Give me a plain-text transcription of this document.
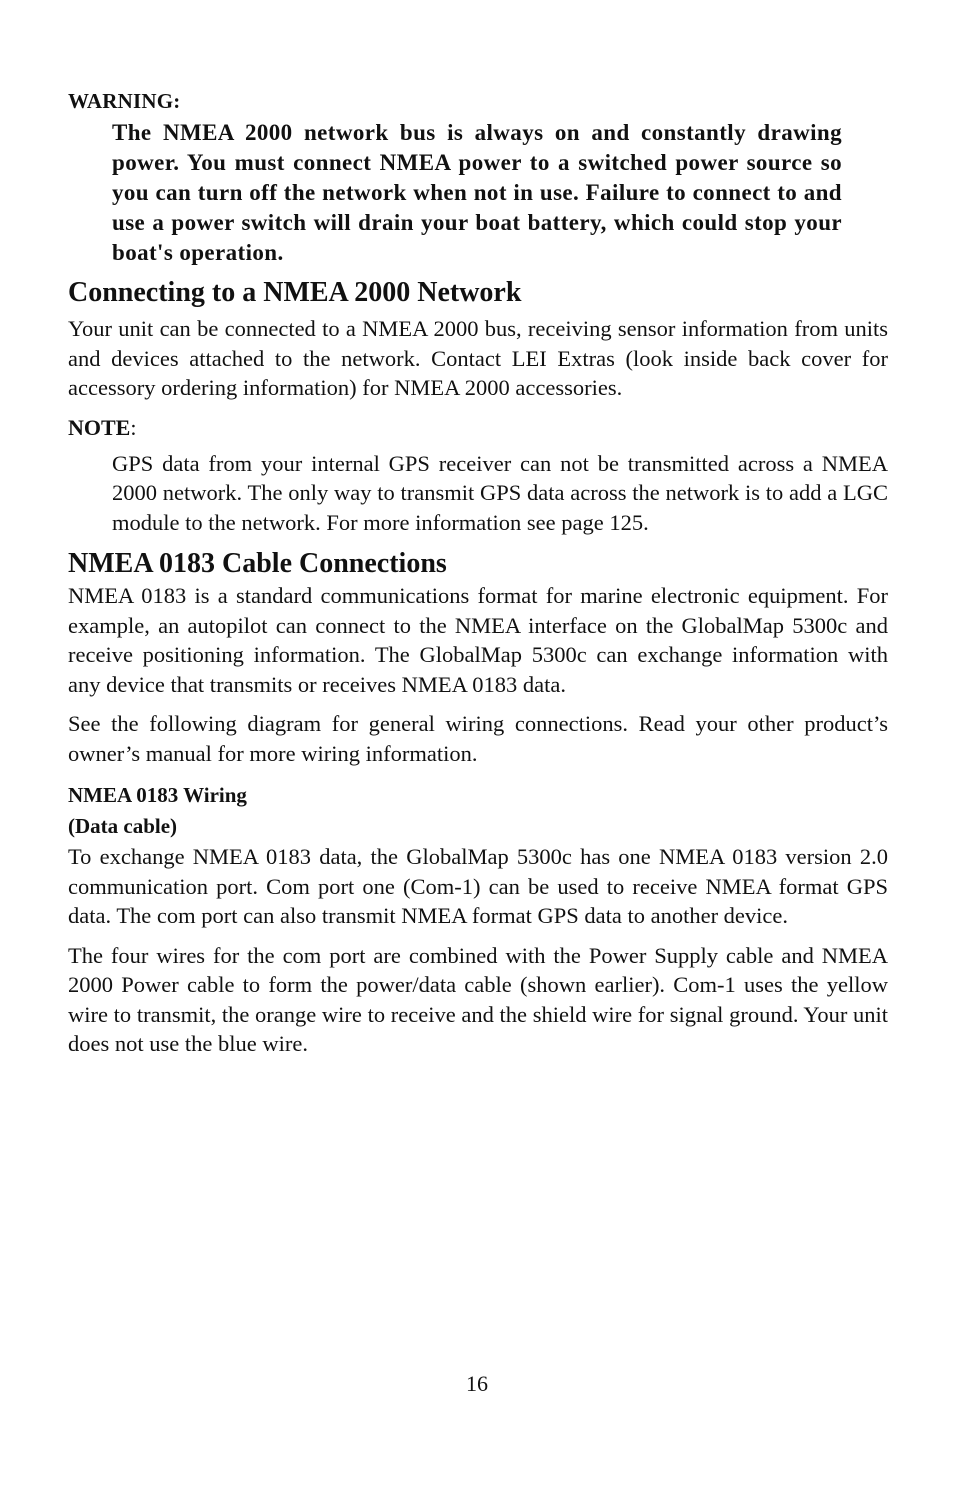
WARNING:
The NMEA 2000 network bus is always on and constantly drawing power. You must connect NMEA power to a switched power source so you can turn off the network when not in use. Failure to connect to and use a power switch will drain your boat battery, which could stop your boat's operation.
Connecting to a NMEA 2000 Network

Your unit can be connected to a NMEA 2000 bus, receiving sensor information from units and devices attached to the network. Contact LEI Extras (look inside back cover for accessory ordering information) for NMEA 2000 accessories.

NOTE:
GPS data from your internal GPS receiver can not be transmitted across a NMEA 2000 network. The only way to transmit GPS data across the network is to add a LGC module to the network. For more information see page 125.
NMEA 0183 Cable Connections

NMEA 0183 is a standard communications format for marine electronic equipment. For example, an autopilot can connect to the NMEA interface on the GlobalMap 5300c and receive positioning information. The GlobalMap 5300c can exchange information with any device that transmits or receives NMEA 0183 data.

See the following diagram for general wiring connections. Read your other product’s owner’s manual for more wiring information.

NMEA 0183 Wiring
(Data cable)

To exchange NMEA 0183 data, the GlobalMap 5300c has one NMEA 0183 version 2.0 communication port. Com port one (Com-1) can be used to receive NMEA format GPS data. The com port can also transmit NMEA format GPS data to another device.

The four wires for the com port are combined with the Power Supply cable and NMEA 2000 Power cable to form the power/data cable (shown earlier). Com-1 uses the yellow wire to transmit, the orange wire to receive and the shield wire for signal ground. Your unit does not use the blue wire.

16
